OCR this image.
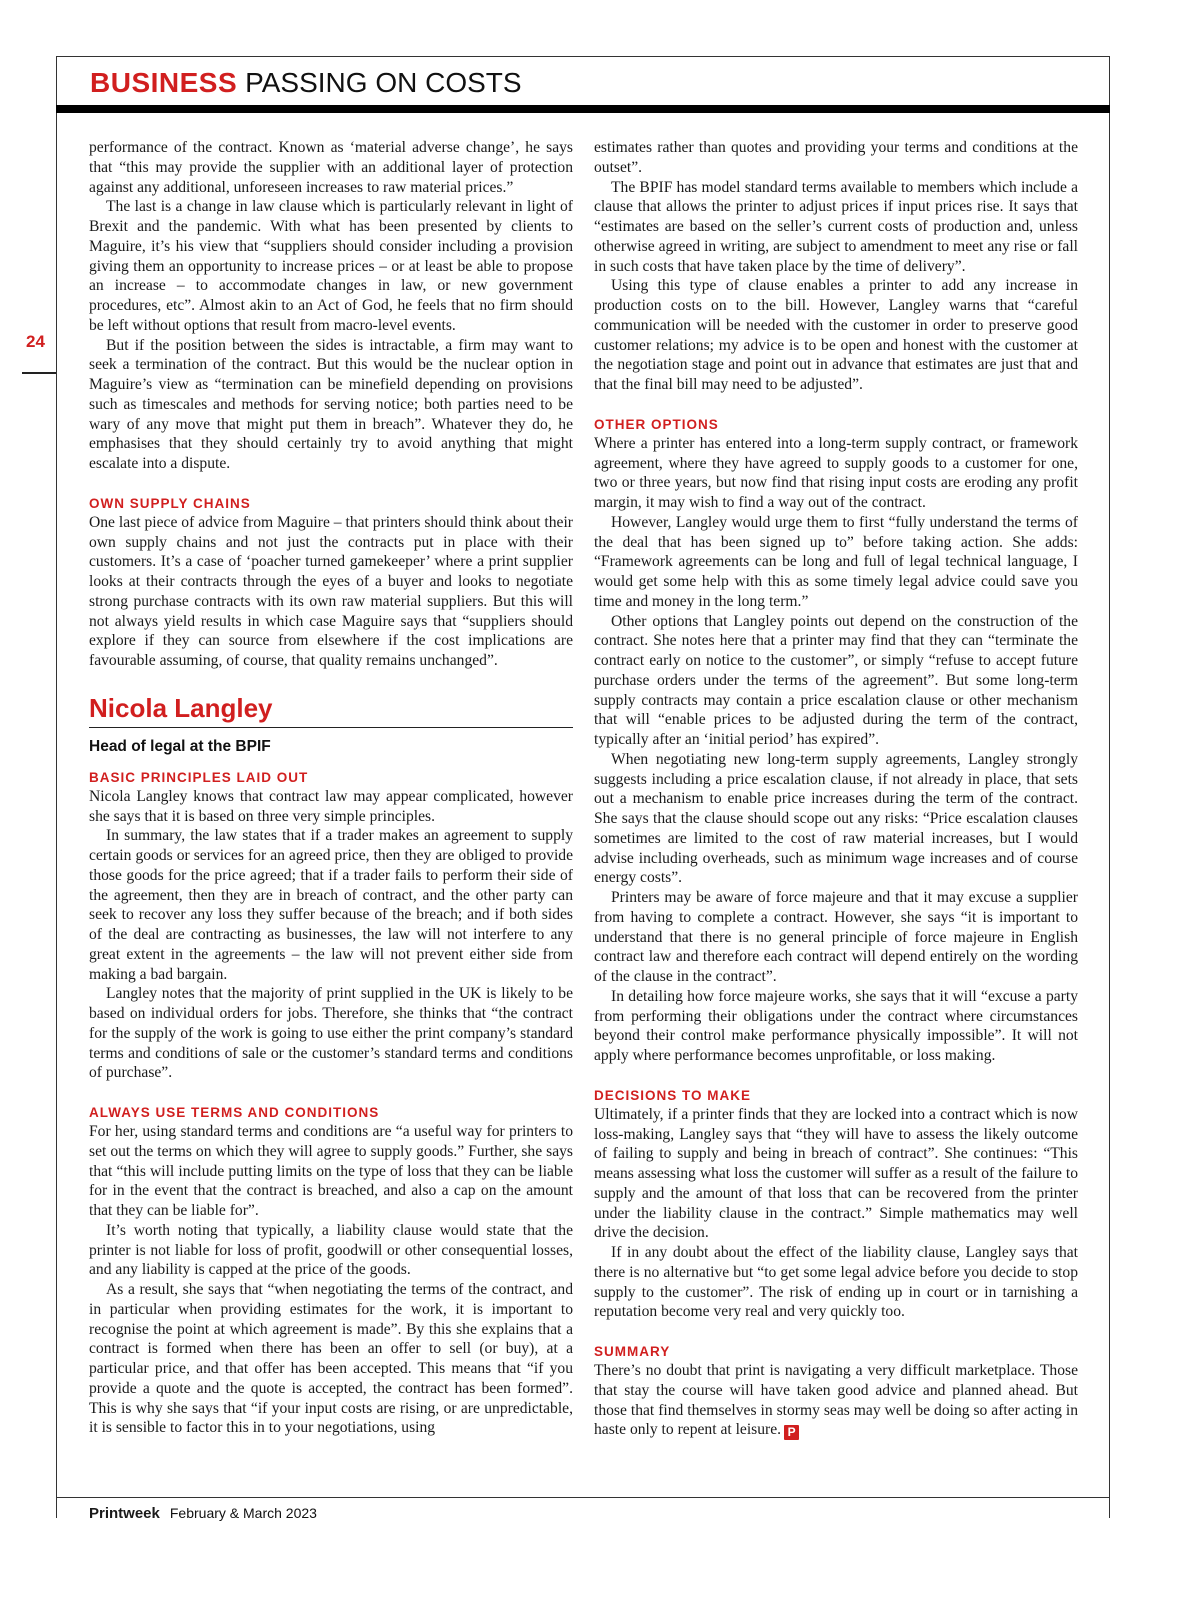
BUSINESS PASSING ON COSTS
24

performance of the contract. Known as ‘material adverse change’, he says that “this may provide the supplier with an additional layer of protection against any additional, unforeseen increases to raw material prices.”

The last is a change in law clause which is particularly relevant in light of Brexit and the pandemic. With what has been presented by clients to Maguire, it’s his view that “suppliers should consider including a provision giving them an opportunity to increase prices – or at least be able to propose an increase – to accommodate changes in law, or new government procedures, etc”. Almost akin to an Act of God, he feels that no firm should be left without options that result from macro-level events.

But if the position between the sides is intractable, a firm may want to seek a termination of the contract. But this would be the nuclear option in Maguire’s view as “termination can be minefield depending on provisions such as timescales and methods for serving notice; both parties need to be wary of any move that might put them in breach”. Whatever they do, he emphasises that they should certainly try to avoid anything that might escalate into a dispute.

OWN SUPPLY CHAINS

One last piece of advice from Maguire – that printers should think about their own supply chains and not just the contracts put in place with their customers. It’s a case of ‘poacher turned gamekeeper’ where a print supplier looks at their contracts through the eyes of a buyer and looks to negotiate strong purchase contracts with its own raw material suppliers. But this will not always yield results in which case Maguire says that “suppliers should explore if they can source from elsewhere if the cost implications are favourable assuming, of course, that quality remains unchanged”.

Nicola Langley
Head of legal at the BPIF
BASIC PRINCIPLES LAID OUT

Nicola Langley knows that contract law may appear complicated, however she says that it is based on three very simple principles.

In summary, the law states that if a trader makes an agreement to supply certain goods or services for an agreed price, then they are obliged to provide those goods for the price agreed; that if a trader fails to perform their side of the agreement, then they are in breach of contract, and the other party can seek to recover any loss they suffer because of the breach; and if both sides of the deal are contracting as businesses, the law will not interfere to any great extent in the agreements – the law will not prevent either side from making a bad bargain.

Langley notes that the majority of print supplied in the UK is likely to be based on individual orders for jobs. Therefore, she thinks that “the contract for the supply of the work is going to use either the print company’s standard terms and conditions of sale or the customer’s standard terms and conditions of purchase”.

ALWAYS USE TERMS AND CONDITIONS

For her, using standard terms and conditions are “a useful way for printers to set out the terms on which they will agree to supply goods.” Further, she says that “this will include putting limits on the type of loss that they can be liable for in the event that the contract is breached, and also a cap on the amount that they can be liable for”.

It’s worth noting that typically, a liability clause would state that the printer is not liable for loss of profit, goodwill or other consequential losses, and any liability is capped at the price of the goods.

As a result, she says that “when negotiating the terms of the contract, and in particular when providing estimates for the work, it is important to recognise the point at which agreement is made”. By this she explains that a contract is formed when there has been an offer to sell (or buy), at a particular price, and that offer has been accepted. This means that “if you provide a quote and the quote is accepted, the contract has been formed”. This is why she says that “if your input costs are rising, or are unpredictable, it is sensible to factor this in to your negotiations, using

estimates rather than quotes and providing your terms and conditions at the outset”.

The BPIF has model standard terms available to members which include a clause that allows the printer to adjust prices if input prices rise. It says that “estimates are based on the seller’s current costs of production and, unless otherwise agreed in writing, are subject to amendment to meet any rise or fall in such costs that have taken place by the time of delivery”.

Using this type of clause enables a printer to add any increase in production costs on to the bill. However, Langley warns that “careful communication will be needed with the customer in order to preserve good customer relations; my advice is to be open and honest with the customer at the negotiation stage and point out in advance that estimates are just that and that the final bill may need to be adjusted”.

OTHER OPTIONS

Where a printer has entered into a long-term supply contract, or framework agreement, where they have agreed to supply goods to a customer for one, two or three years, but now find that rising input costs are eroding any profit margin, it may wish to find a way out of the contract.

However, Langley would urge them to first “fully understand the terms of the deal that has been signed up to” before taking action. She adds: “Framework agreements can be long and full of legal technical language, I would get some help with this as some timely legal advice could save you time and money in the long term.”

Other options that Langley points out depend on the construction of the contract. She notes here that a printer may find that they can “terminate the contract early on notice to the customer”, or simply “refuse to accept future purchase orders under the terms of the agreement”. But some long-term supply contracts may contain a price escalation clause or other mechanism that will “enable prices to be adjusted during the term of the contract, typically after an ‘initial period’ has expired”.

When negotiating new long-term supply agreements, Langley strongly suggests including a price escalation clause, if not already in place, that sets out a mechanism to enable price increases during the term of the contract. She says that the clause should scope out any risks: “Price escalation clauses sometimes are limited to the cost of raw material increases, but I would advise including overheads, such as minimum wage increases and of course energy costs”.

Printers may be aware of force majeure and that it may excuse a supplier from having to complete a contract. However, she says “it is important to understand that there is no general principle of force majeure in English contract law and therefore each contract will depend entirely on the wording of the clause in the contract”.

In detailing how force majeure works, she says that it will “excuse a party from performing their obligations under the contract where circumstances beyond their control make performance physically impossible”. It will not apply where performance becomes unprofitable, or loss making.

DECISIONS TO MAKE

Ultimately, if a printer finds that they are locked into a contract which is now loss-making, Langley says that “they will have to assess the likely outcome of failing to supply and being in breach of contract”. She continues: “This means assessing what loss the customer will suffer as a result of the failure to supply and the amount of that loss that can be recovered from the printer under the liability clause in the contract.” Simple mathematics may well drive the decision.

If in any doubt about the effect of the liability clause, Langley says that there is no alternative but “to get some legal advice before you decide to stop supply to the customer”. The risk of ending up in court or in tarnishing a reputation become very real and very quickly too.

SUMMARY

There’s no doubt that print is navigating a very difficult marketplace. Those that stay the course will have taken good advice and planned ahead. But those that find themselves in stormy seas may well be doing so after acting in haste only to repent at leisure. P

Printweek February & March 2023
